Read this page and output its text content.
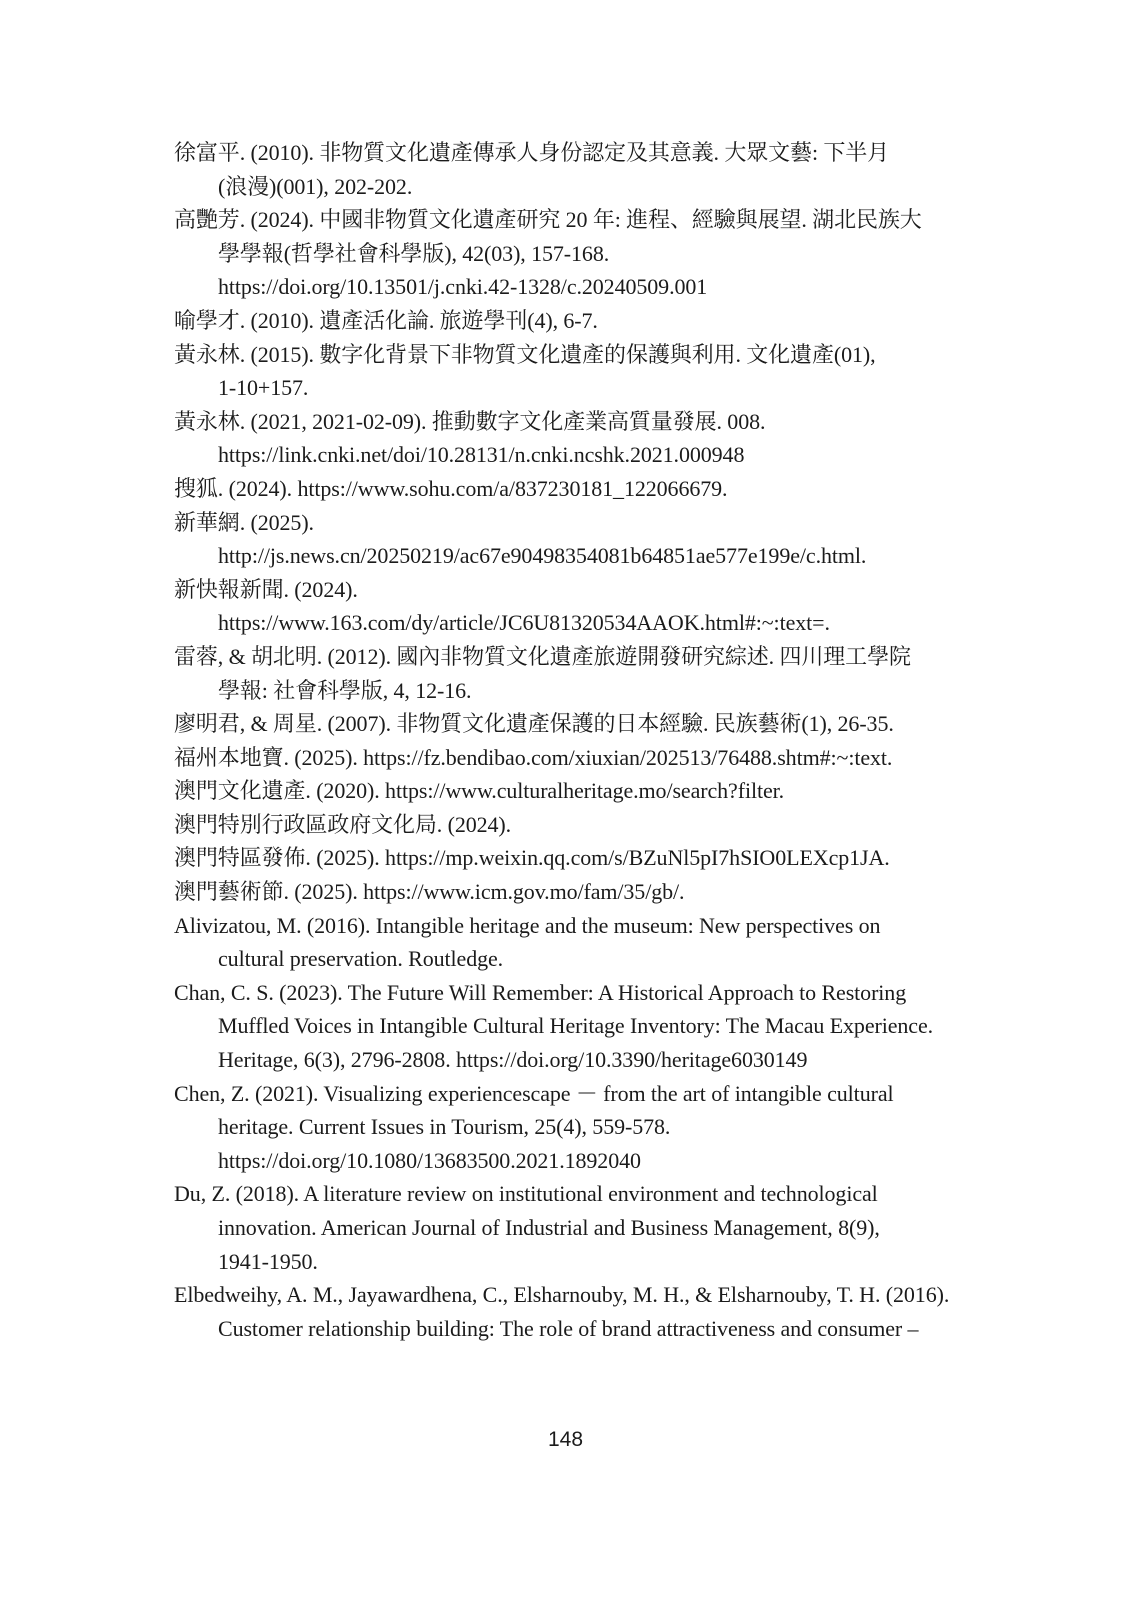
徐富平. (2010). 非物質文化遺產傳承人身份認定及其意義. 大眾文藝: 下半月
(浪漫)(001), 202-202.
高艷芳. (2024). 中國非物質文化遺產研究 20 年: 進程、經驗與展望. 湖北民族大
學學報(哲學社會科學版), 42(03), 157-168.
https://doi.org/10.13501/j.cnki.42-1328/c.20240509.001
喻學才. (2010). 遺產活化論. 旅遊學刊(4), 6-7.
黃永林. (2015). 數字化背景下非物質文化遺產的保護與利用. 文化遺產(01),
1-10+157.
黃永林. (2021, 2021-02-09). 推動數字文化產業高質量發展. 008.
https://link.cnki.net/doi/10.28131/n.cnki.ncshk.2021.000948
搜狐. (2024). https://www.sohu.com/a/837230181_122066679.
新華網. (2025).
http://js.news.cn/20250219/ac67e90498354081b64851ae577e199e/c.html.
新快報新聞. (2024).
https://www.163.com/dy/article/JC6U81320534AAOK.html#:~:text=.
雷蓉, & 胡北明. (2012). 國內非物質文化遺產旅遊開發研究綜述. 四川理工學院
學報: 社會科學版, 4, 12-16.
廖明君, & 周星. (2007). 非物質文化遺產保護的日本經驗. 民族藝術(1), 26-35.
福州本地寶. (2025). https://fz.bendibao.com/xiuxian/202513/76488.shtm#:~:text.
澳門文化遺產. (2020). https://www.culturalheritage.mo/search?filter.
澳門特別行政區政府文化局. (2024).
澳門特區發佈. (2025). https://mp.weixin.qq.com/s/BZuNl5pI7hSIO0LEXcp1JA.
澳門藝術節. (2025). https://www.icm.gov.mo/fam/35/gb/.
Alivizatou, M. (2016). Intangible heritage and the museum: New perspectives on
cultural preservation. Routledge.
Chan, C. S. (2023). The Future Will Remember: A Historical Approach to Restoring
Muffled Voices in Intangible Cultural Heritage Inventory: The Macau Experience.
Heritage, 6(3), 2796-2808. https://doi.org/10.3390/heritage6030149
Chen, Z. (2021). Visualizing experiencescape － from the art of intangible cultural
heritage. Current Issues in Tourism, 25(4), 559-578.
https://doi.org/10.1080/13683500.2021.1892040
Du, Z. (2018). A literature review on institutional environment and technological
innovation. American Journal of Industrial and Business Management, 8(9),
1941-1950.
Elbedweihy, A. M., Jayawardhena, C., Elsharnouby, M. H., & Elsharnouby, T. H. (2016).
Customer relationship building: The role of brand attractiveness and consumer –
148
